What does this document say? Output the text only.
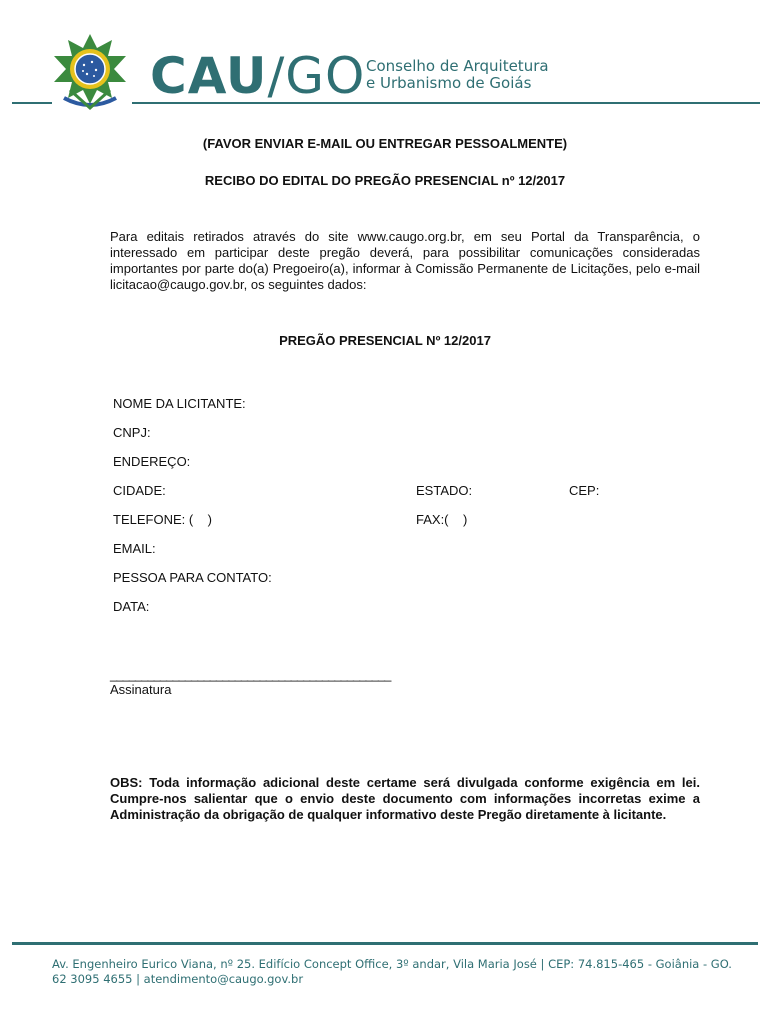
CAU/GO Conselho de Arquitetura
e Urbanismo de Goiás
(FAVOR ENVIAR E-MAIL OU ENTREGAR PESSOALMENTE)
RECIBO DO EDITAL DO PREGÃO PRESENCIAL nº 12/2017
Para editais retirados através do site www.caugo.org.br, em seu Portal da Transparência, o interessado em participar deste pregão deverá, para possibilitar comunicações consideradas importantes por parte do(a) Pregoeiro(a), informar à Comissão Permanente de Licitações, pelo e-mail licitacao@caugo.gov.br, os seguintes dados:
PREGÃO PRESENCIAL Nº 12/2017
NOME DA LICITANTE:
CNPJ:
ENDEREÇO:
CIDADE:	ESTADO:	CEP:
TELEFONE: (    )	FAX:(    )
EMAIL:
PESSOA PARA CONTATO:
DATA:
_____________________________________________
Assinatura
OBS: Toda informação adicional deste certame será divulgada conforme exigência em lei. Cumpre-nos salientar que o envio deste documento com informações incorretas exime a Administração da obrigação de qualquer informativo deste Pregão diretamente à licitante.
Av. Engenheiro Eurico Viana, nº 25. Edifício Concept Office, 3º andar, Vila Maria José | CEP: 74.815-465 - Goiânia - GO.
62 3095 4655 | atendimento@caugo.gov.br
